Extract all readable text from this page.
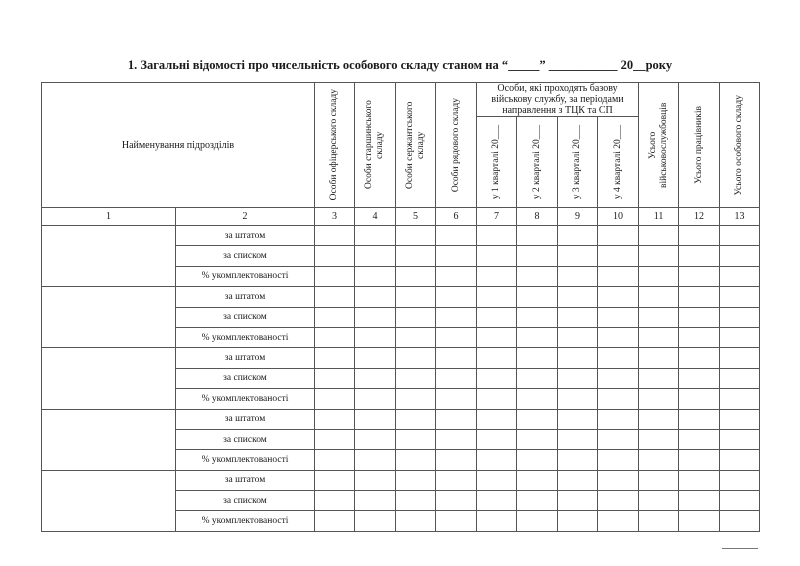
1. Загальні відомості про чисельність особового складу станом на “_____” ___________ 20__року
Найменування підрозділів		Особи офіцерського складу	Особи старшинського складу	Особи сержантського складу	Особи рядового складу	Особи, які проходять базову військову службу, за періодами направлення з ТЦК та СП				Усього військовослужбовців	Усього працівників	Усього особового складу

						у 1 кварталі 20___	у 2 кварталі 20___	у 3 кварталі 20___	у 4 кварталі 20___			

1	2	3	4	5	6	7	8	9	10	11	12	13
	за штатом											
	за списком											
	% укомплектованості											
	за штатом											
	за списком											
	% укомплектованості											
	за штатом											
	за списком											
	% укомплектованості											
	за штатом											
	за списком											
	% укомплектованості											
	за штатом											
	за списком											
	% укомплектованості											
